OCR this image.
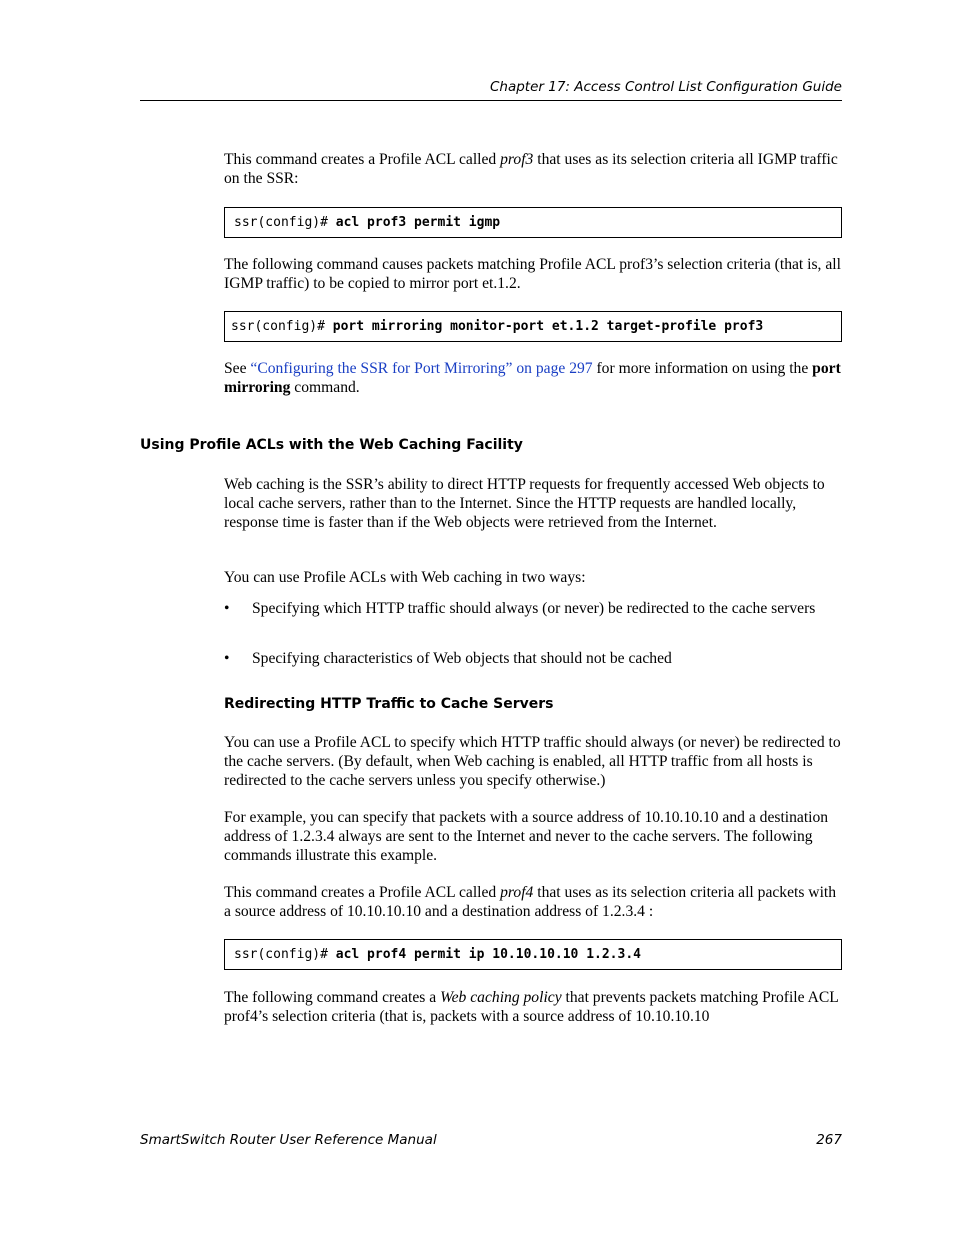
Chapter 17: Access Control List Configuration Guide

This command creates a Profile ACL called prof3 that uses as its selection criteria all IGMP traffic on the SSR:

ssr(config)# acl prof3 permit igmp

The following command causes packets matching Profile ACL prof3’s selection criteria (that is, all IGMP traffic) to be copied to mirror port et.1.2.

ssr(config)# port mirroring monitor-port et.1.2 target-profile prof3

See “Configuring the SSR for Port Mirroring” on page 297 for more information on using the port mirroring command.

Using Profile ACLs with the Web Caching Facility

Web caching is the SSR’s ability to direct HTTP requests for frequently accessed Web objects to local cache servers, rather than to the Internet. Since the HTTP requests are handled locally, response time is faster than if the Web objects were retrieved from the Internet.

You can use Profile ACLs with Web caching in two ways:

• Specifying which HTTP traffic should always (or never) be redirected to the cache servers
• Specifying characteristics of Web objects that should not be cached
Redirecting HTTP Traffic to Cache Servers

You can use a Profile ACL to specify which HTTP traffic should always (or never) be redirected to the cache servers. (By default, when Web caching is enabled, all HTTP traffic from all hosts is redirected to the cache servers unless you specify otherwise.)

For example, you can specify that packets with a source address of 10.10.10.10 and a destination address of 1.2.3.4 always are sent to the Internet and never to the cache servers. The following commands illustrate this example.

This command creates a Profile ACL called prof4 that uses as its selection criteria all packets with a source address of 10.10.10.10 and a destination address of 1.2.3.4 :

ssr(config)# acl prof4 permit ip 10.10.10.10 1.2.3.4

The following command creates a Web caching policy that prevents packets matching Profile ACL prof4’s selection criteria (that is, packets with a source address of 10.10.10.10

SmartSwitch Router User Reference Manual	267
